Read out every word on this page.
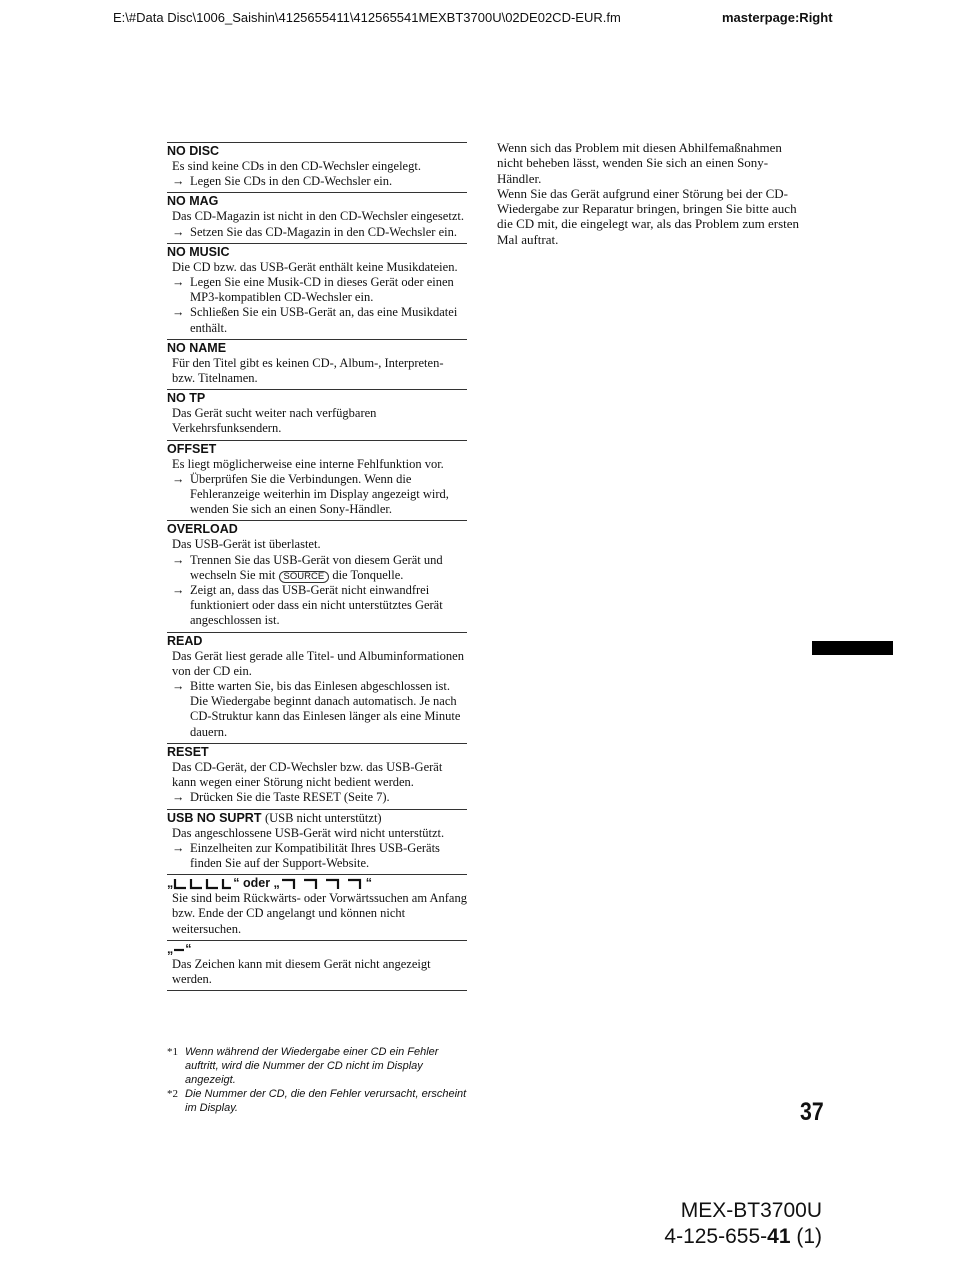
E:\#Data Disc\1006_Saishin\4125655411\412565541MEXBT3700U\02DE02CD-EUR.fm	masterpage:Right
NO DISC
Es sind keine CDs in den CD-Wechsler eingelegt.
→ Legen Sie CDs in den CD-Wechsler ein.
NO MAG
Das CD-Magazin ist nicht in den CD-Wechsler eingesetzt.
→ Setzen Sie das CD-Magazin in den CD-Wechsler ein.
NO MUSIC
Die CD bzw. das USB-Gerät enthält keine Musikdateien.
→ Legen Sie eine Musik-CD in dieses Gerät oder einen MP3-kompatiblen CD-Wechsler ein.
→ Schließen Sie ein USB-Gerät an, das eine Musikdatei enthält.
NO NAME
Für den Titel gibt es keinen CD-, Album-, Interpreten- bzw. Titelnamen.
NO TP
Das Gerät sucht weiter nach verfügbaren Verkehrsfunksendern.
OFFSET
Es liegt möglicherweise eine interne Fehlfunktion vor.
→ Überprüfen Sie die Verbindungen. Wenn die Fehleranzeige weiterhin im Display angezeigt wird, wenden Sie sich an einen Sony-Händler.
OVERLOAD
Das USB-Gerät ist überlastet.
→ Trennen Sie das USB-Gerät von diesem Gerät und wechseln Sie mit SOURCE die Tonquelle.
→ Zeigt an, dass das USB-Gerät nicht einwandfrei funktioniert oder dass ein nicht unterstütztes Gerät angeschlossen ist.
READ
Das Gerät liest gerade alle Titel- und Albuminformationen von der CD ein.
→ Bitte warten Sie, bis das Einlesen abgeschlossen ist. Die Wiedergabe beginnt danach automatisch. Je nach CD-Struktur kann das Einlesen länger als eine Minute dauern.
RESET
Das CD-Gerät, der CD-Wechsler bzw. das USB-Gerät kann wegen einer Störung nicht bedient werden.
→ Drücken Sie die Taste RESET (Seite 7).
USB NO SUPRT (USB nicht unterstützt)
Das angeschlossene USB-Gerät wird nicht unterstützt.
→ Einzelheiten zur Kompatibilität Ihres USB-Geräts finden Sie auf der Support-Website.
„	“ oder „	“
Sie sind beim Rückwärts- oder Vorwärtssuchen am Anfang bzw. Ende der CD angelangt und können nicht weitersuchen.
„ “
Das Zeichen kann mit diesem Gerät nicht angezeigt werden.
*1 Wenn während der Wiedergabe einer CD ein Fehler auftritt, wird die Nummer der CD nicht im Display angezeigt.
*2 Die Nummer der CD, die den Fehler verursacht, erscheint im Display.

Wenn sich das Problem mit diesen Abhilfemaßnahmen nicht beheben lässt, wenden Sie sich an einen Sony-Händler.

Wenn Sie das Gerät aufgrund einer Störung bei der CD-Wiedergabe zur Reparatur bringen, bringen Sie bitte auch die CD mit, die eingelegt war, als das Problem zum ersten Mal auftrat.

37
MEX-BT3700U
4-125-655-41 (1)
